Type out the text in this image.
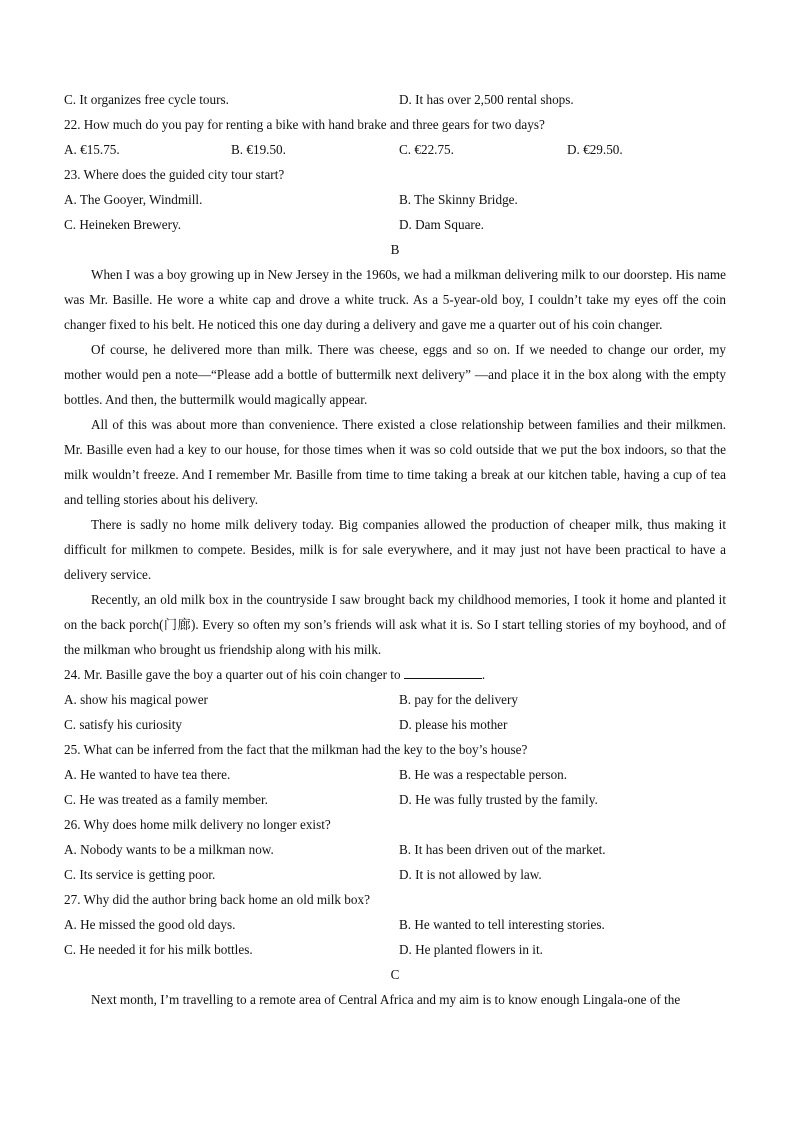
C. It organizes free cycle tours.	D. It has over 2,500 rental shops.
22. How much do you pay for renting a bike with hand brake and three gears for two days?
A. €15.75.	B. €19.50.	C. €22.75.	D. €29.50.
23. Where does the guided city tour start?
A. The Gooyer, Windmill.	B. The Skinny Bridge.
C. Heineken Brewery.	D. Dam Square.
B
When I was a boy growing up in New Jersey in the 1960s, we had a milkman delivering milk to our doorstep. His name was Mr. Basille. He wore a white cap and drove a white truck. As a 5-year-old boy, I couldn’t take my eyes off the coin changer fixed to his belt. He noticed this one day during a delivery and gave me a quarter out of his coin changer.
Of course, he delivered more than milk. There was cheese, eggs and so on. If we needed to change our order, my mother would pen a note—“Please add a bottle of buttermilk next delivery” —and place it in the box along with the empty bottles. And then, the buttermilk would magically appear.
All of this was about more than convenience. There existed a close relationship between families and their milkmen. Mr. Basille even had a key to our house, for those times when it was so cold outside that we put the box indoors, so that the milk wouldn’t freeze. And I remember Mr. Basille from time to time taking a break at our kitchen table, having a cup of tea and telling stories about his delivery.
There is sadly no home milk delivery today. Big companies allowed the production of cheaper milk, thus making it difficult for milkmen to compete. Besides, milk is for sale everywhere, and it may just not have been practical to have a delivery service.
Recently, an old milk box in the countryside I saw brought back my childhood memories, I took it home and planted it on the back porch(门廊). Every so often my son’s friends will ask what it is. So I start telling stories of my boyhood, and of the milkman who brought us friendship along with his milk.
24. Mr. Basille gave the boy a quarter out of his coin changer to	.
A. show his magical power	B. pay for the delivery
C. satisfy his curiosity	D. please his mother
25. What can be inferred from the fact that the milkman had the key to the boy’s house?
A. He wanted to have tea there.	B. He was a respectable person.
C. He was treated as a family member.	D. He was fully trusted by the family.
26. Why does home milk delivery no longer exist?
A. Nobody wants to be a milkman now.	B. It has been driven out of the market.
C. Its service is getting poor.	D. It is not allowed by law.
27. Why did the author bring back home an old milk box?
A. He missed the good old days.	B. He wanted to tell interesting stories.
C. He needed it for his milk bottles.	D. He planted flowers in it.
C
Next month, I’m travelling to a remote area of Central Africa and my aim is to know enough Lingala-one of the
